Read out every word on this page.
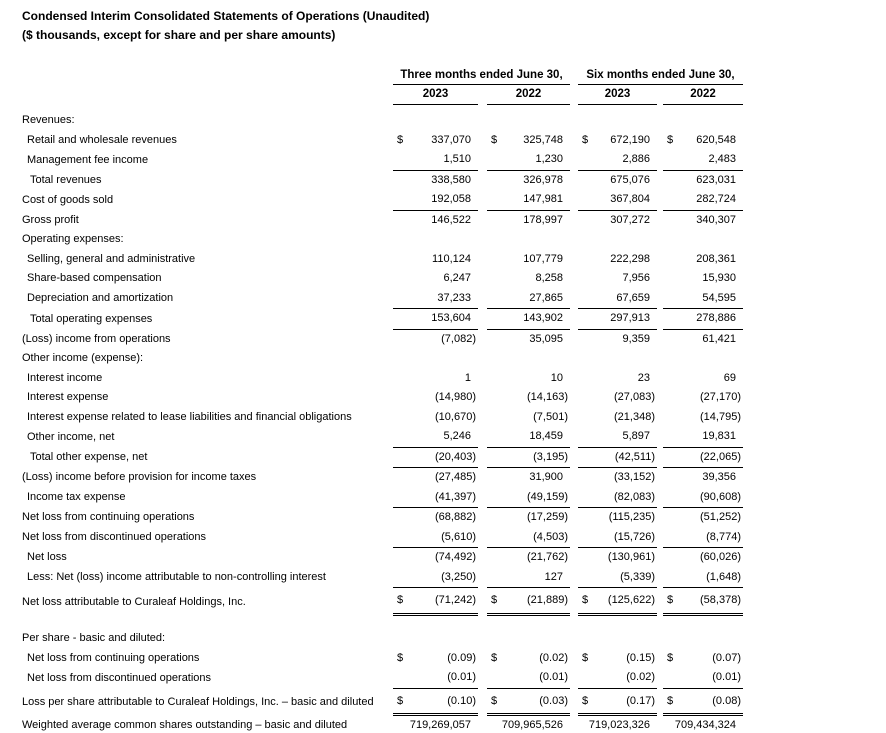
Condensed Interim Consolidated Statements of Operations (Unaudited)
($ thousands, except for share and per share amounts)
	Three months ended June 30,				Six months ended June 30,		
	2023		2022		2023		2022

Revenues:							
Retail and wholesale revenues	$ 337,070		$ 325,748		$ 672,190		$ 620,548

Management fee income	1,510		1,230		2,886		2,483

Total revenues	338,580		326,978		675,076		623,031

Cost of goods sold	192,058		147,981		367,804		282,724

Gross profit	146,522		178,997		307,272		340,307

Operating expenses:							
Selling, general and administrative	110,124		107,779		222,298		208,361

Share-based compensation	6,247		8,258		7,956		15,930

Depreciation and amortization	37,233		27,865		67,659		54,595

Total operating expenses	153,604		143,902		297,913		278,886

(Loss) income from operations	(7,082)		35,095		9,359		61,421

Other income (expense):							
Interest income	1		10		23		69

Interest expense	(14,980)		(14,163)		(27,083)		(27,170)

Interest expense related to lease liabilities and financial obligations	(10,670)		(7,501)		(21,348)		(14,795)

Other income, net	5,246		18,459		5,897		19,831

Total other expense, net	(20,403)		(3,195)		(42,511)		(22,065)

(Loss) income before provision for income taxes	(27,485)		31,900		(33,152)		39,356

Income tax expense	(41,397)		(49,159)		(82,083)		(90,608)

Net loss from continuing operations	(68,882)		(17,259)		(115,235)		(51,252)

Net loss from discontinued operations	(5,610)		(4,503)		(15,726)		(8,774)

Net loss	(74,492)		(21,762)		(130,961)		(60,026)

Less: Net (loss) income attributable to non-controlling interest	(3,250)		127		(5,339)		(1,648)

Net loss attributable to Curaleaf Holdings, Inc.	$ (71,242)		$ (21,889)		$ (125,622)		$ (58,378)

Per share - basic and diluted:							
Net loss from continuing operations	$ (0.09)		$ (0.02)		$ (0.15)		$ (0.07)

Net loss from discontinued operations	(0.01)		(0.01)		(0.02)		(0.01)

Loss per share attributable to Curaleaf Holdings, Inc. – basic and diluted	$ (0.10)		$ (0.03)		$ (0.17)		$ (0.08)

Weighted average common shares outstanding – basic and diluted	719,269,057		709,965,526		719,023,326		709,434,324
